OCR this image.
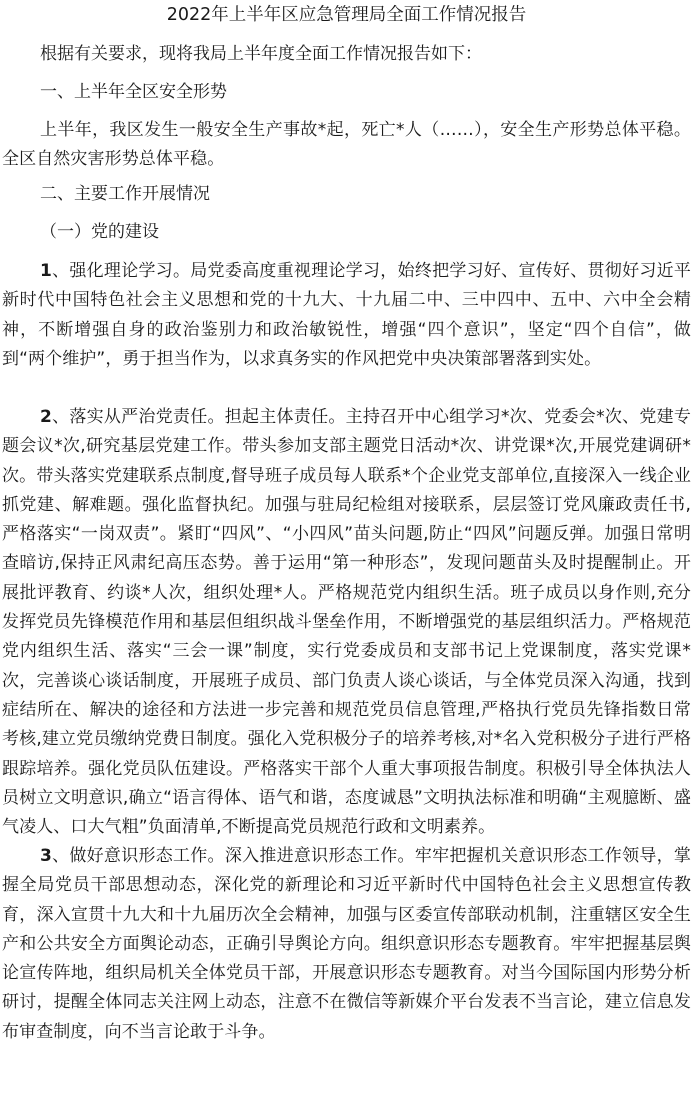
2022年上半年区应急管理局全面工作情况报告
根据有关要求，现将我局上半年度全面工作情况报告如下：
一、上半年全区安全形势
上半年，我区发生一般安全生产事故*起，死亡*人（……），安全生产形势总体平稳。全区自然灾害形势总体平稳。
二、主要工作开展情况
（一）党的建设
1、强化理论学习。局党委高度重视理论学习，始终把学习好、宣传好、贯彻好习近平新时代中国特色社会主义思想和党的十九大、十九届二中、三中四中、五中、六中全会精神，不断增强自身的政治鉴别力和政治敏锐性，增强“四个意识”，坚定“四个自信”，做到“两个维护”，勇于担当作为，以求真务实的作风把党中央决策部署落到实处。
2、落实从严治党责任。担起主体责任。主持召开中心组学习*次、党委会*次、党建专题会议*次,研究基层党建工作。带头参加支部主题党日活动*次、讲党课*次,开展党建调研*次。带头落实党建联系点制度,督导班子成员每人联系*个企业党支部单位,直接深入一线企业抓党建、解难题。强化监督执纪。加强与驻局纪检组对接联系，层层签订党风廉政责任书,严格落实“一岗双责”。紧盯“四风”、“小四风”苗头问题,防止“四风”问题反弹。加强日常明查暗访,保持正风肃纪高压态势。善于运用“第一种形态”，发现问题苗头及时提醒制止。开展批评教育、约谈*人次，组织处理*人。严格规范党内组织生活。班子成员以身作则,充分发挥党员先锋模范作用和基层但组织战斗堡垒作用，不断增强党的基层组织活力。严格规范党内组织生活、落实“三会一课”制度，实行党委成员和支部书记上党课制度，落实党课*次，完善谈心谈话制度，开展班子成员、部门负责人谈心谈话，与全体党员深入沟通，找到症结所在、解决的途径和方法进一步完善和规范党员信息管理,严格执行党员先锋指数日常考核,建立党员缴纳党费日制度。强化入党积极分子的培养考核,对*名入党积极分子进行严格跟踪培养。强化党员队伍建设。严格落实干部个人重大事项报告制度。积极引导全体执法人员树立文明意识,确立“语言得体、语气和谐，态度诚恳”文明执法标准和明确“主观臆断、盛气凌人、口大气粗”负面清单,不断提高党员规范行政和文明素养。
3、做好意识形态工作。深入推进意识形态工作。牢牢把握机关意识形态工作领导，掌握全局党员干部思想动态，深化党的新理论和习近平新时代中国特色社会主义思想宣传教育，深入宣贯十九大和十九届历次全会精神，加强与区委宣传部联动机制，注重辖区安全生产和公共安全方面舆论动态，正确引导舆论方向。组织意识形态专题教育。牢牢把握基层舆论宣传阵地，组织局机关全体党员干部，开展意识形态专题教育。对当今国际国内形势分析研讨，提醒全体同志关注网上动态，注意不在微信等新媒介平台发表不当言论，建立信息发布审查制度，向不当言论敢于斗争。
